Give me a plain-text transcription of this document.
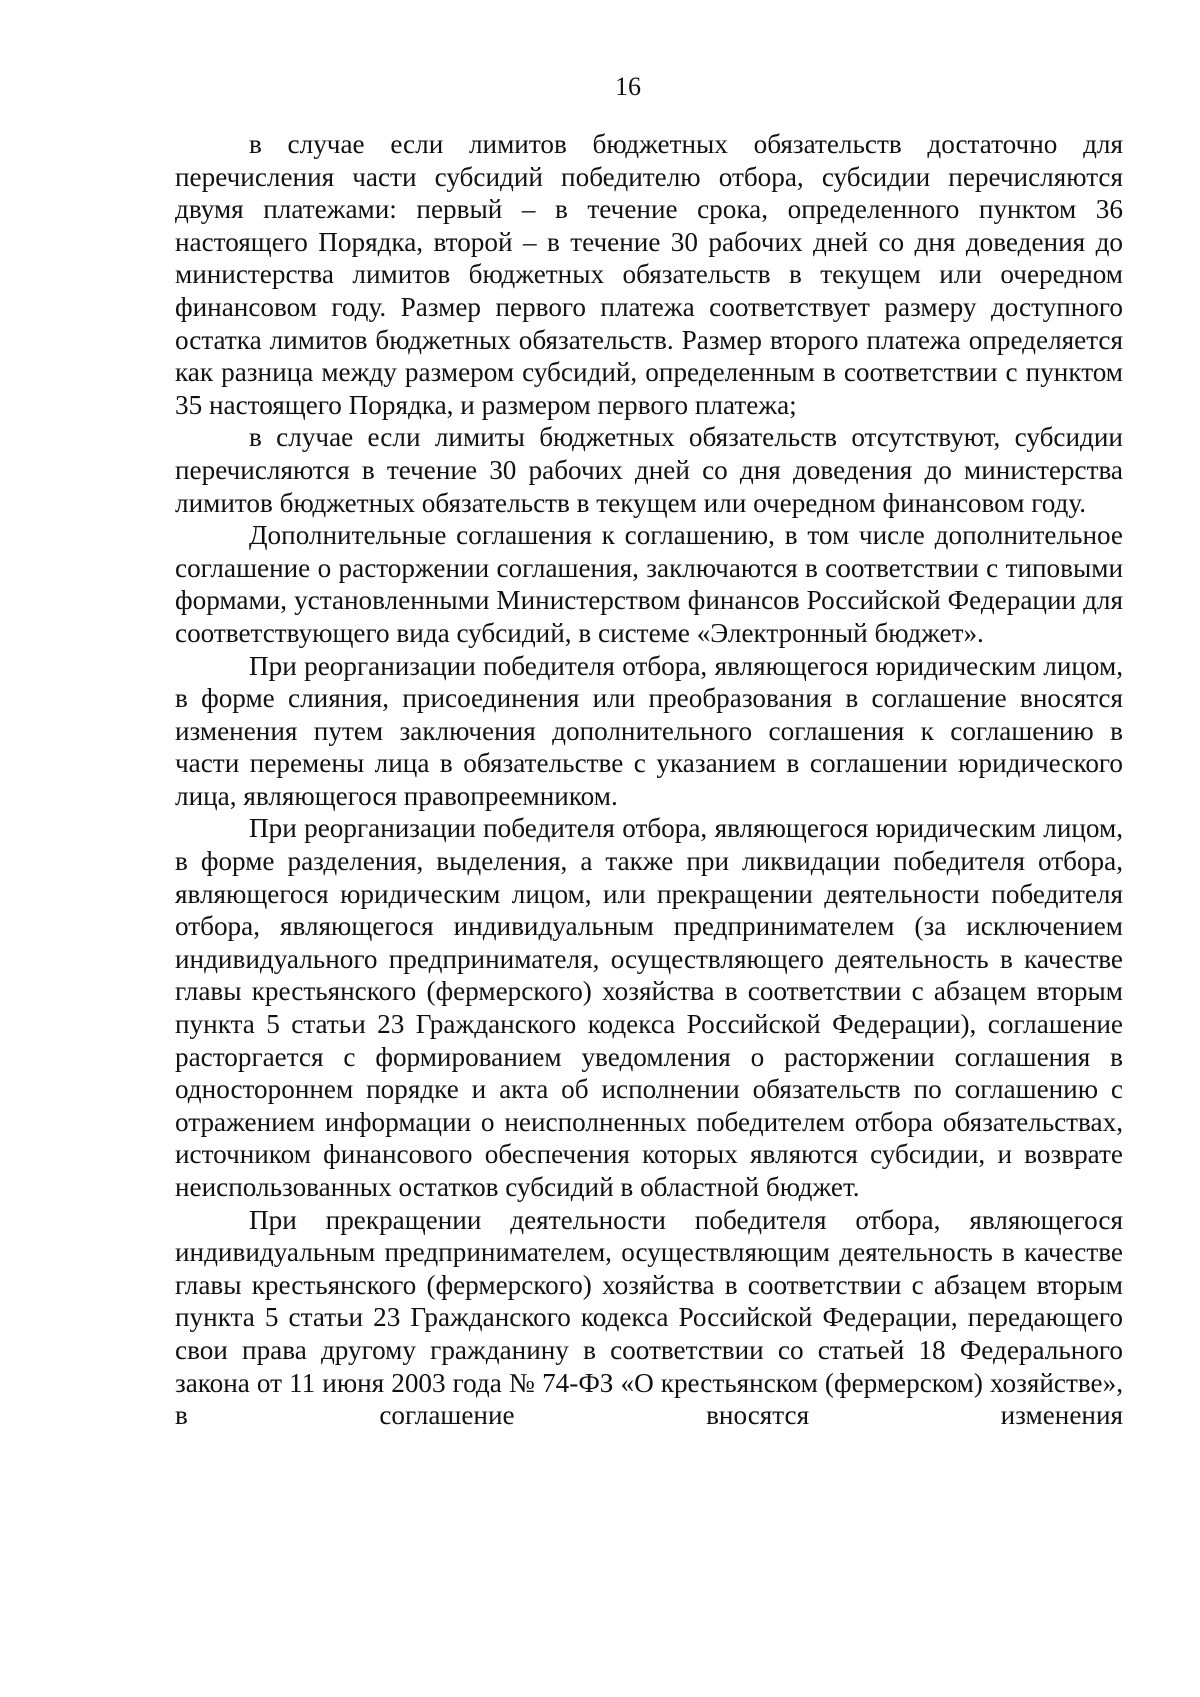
16

в случае если лимитов бюджетных обязательств достаточно для перечисления части субсидий победителю отбора, субсидии перечисляются двумя платежами: первый – в течение срока, определенного пунктом 36 настоящего Порядка, второй – в течение 30 рабочих дней со дня доведения до министерства лимитов бюджетных обязательств в текущем или очередном финансовом году. Размер первого платежа соответствует размеру доступного остатка лимитов бюджетных обязательств. Размер второго платежа определяется как разница между размером субсидий, определенным в соответствии с пунктом 35 настоящего Порядка, и размером первого платежа;

в случае если лимиты бюджетных обязательств отсутствуют, субсидии перечисляются в течение 30 рабочих дней со дня доведения до министерства лимитов бюджетных обязательств в текущем или очередном финансовом году.

Дополнительные соглашения к соглашению, в том числе дополнительное соглашение о расторжении соглашения, заключаются в соответствии с типовыми формами, установленными Министерством финансов Российской Федерации для соответствующего вида субсидий, в системе «Электронный бюджет».

При реорганизации победителя отбора, являющегося юридическим лицом, в форме слияния, присоединения или преобразования в соглашение вносятся изменения путем заключения дополнительного соглашения к соглашению в части перемены лица в обязательстве с указанием в соглашении юридического лица, являющегося правопреемником.

При реорганизации победителя отбора, являющегося юридическим лицом, в форме разделения, выделения, а также при ликвидации победителя отбора, являющегося юридическим лицом, или прекращении деятельности победителя отбора, являющегося индивидуальным предпринимателем (за исключением индивидуального предпринимателя, осуществляющего деятельность в качестве главы крестьянского (фермерского) хозяйства в соответствии с абзацем вторым пункта 5 статьи 23 Гражданского кодекса Российской Федерации), соглашение расторгается с формированием уведомления о расторжении соглашения в одностороннем порядке и акта об исполнении обязательств по соглашению с отражением информации о неисполненных победителем отбора обязательствах, источником финансового обеспечения которых являются субсидии, и возврате неиспользованных остатков субсидий в областной бюджет.

При прекращении деятельности победителя отбора, являющегося индивидуальным предпринимателем, осуществляющим деятельность в качестве главы крестьянского (фермерского) хозяйства в соответствии с абзацем вторым пункта 5 статьи 23 Гражданского кодекса Российской Федерации, передающего свои права другому гражданину в соответствии со статьей 18 Федерального закона от 11 июня 2003 года № 74-ФЗ «О крестьянском (фермерском) хозяйстве», в соглашение вносятся изменения
